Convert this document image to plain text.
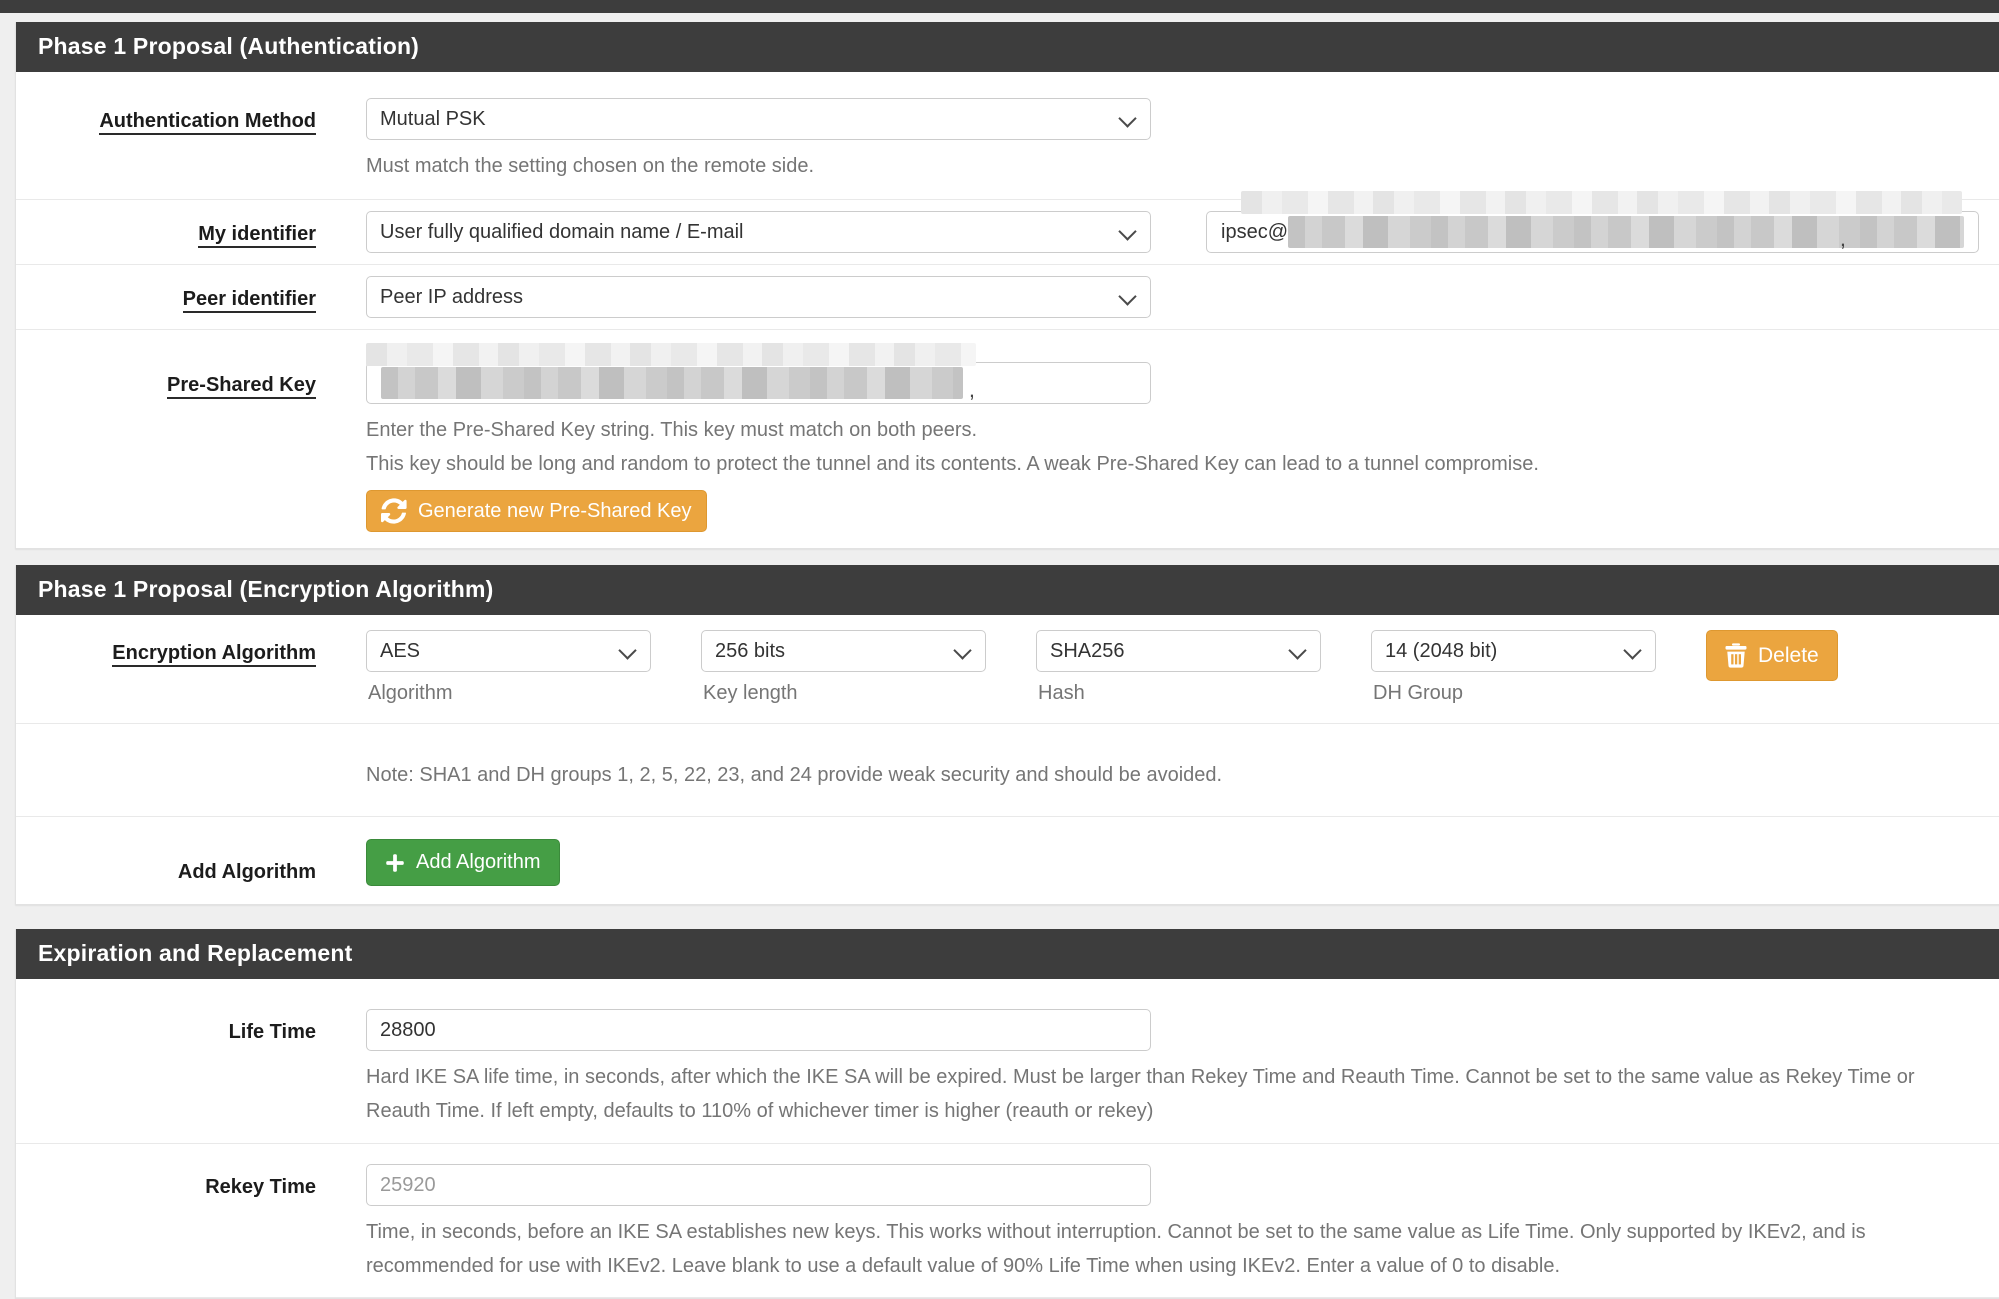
Phase 1 Proposal (Authentication)
Authentication Method
Mutual PSK
Must match the setting chosen on the remote side.
My identifier
User fully qualified domain name / E-mail	ipsec@	,
Peer identifier
Peer IP address
Pre-Shared Key	,
Enter the Pre-Shared Key string. This key must match on both peers.
This key should be long and random to protect the tunnel and its contents. A weak Pre-Shared Key can lead to a tunnel compromise.
Generate new Pre-Shared Key
Phase 1 Proposal (Encryption Algorithm)
Encryption Algorithm
AES
Algorithm
256 bits	Key length
SHA256	Hash
14 (2048 bit)	DH Group
Delete
Note: SHA1 and DH groups 1, 2, 5, 22, 23, and 24 provide weak security and should be avoided.
Add Algorithm	Add Algorithm
Expiration and Replacement
Life Time
28800
Hard IKE SA life time, in seconds, after which the IKE SA will be expired. Must be larger than Rekey Time and Reauth Time. Cannot be set to the same value as Rekey Time or Reauth Time. If left empty, defaults to 110% of whichever timer is higher (reauth or rekey)
Rekey Time
25920
Time, in seconds, before an IKE SA establishes new keys. This works without interruption. Cannot be set to the same value as Life Time. Only supported by IKEv2, and is recommended for use with IKEv2. Leave blank to use a default value of 90% Life Time when using IKEv2. Enter a value of 0 to disable.
